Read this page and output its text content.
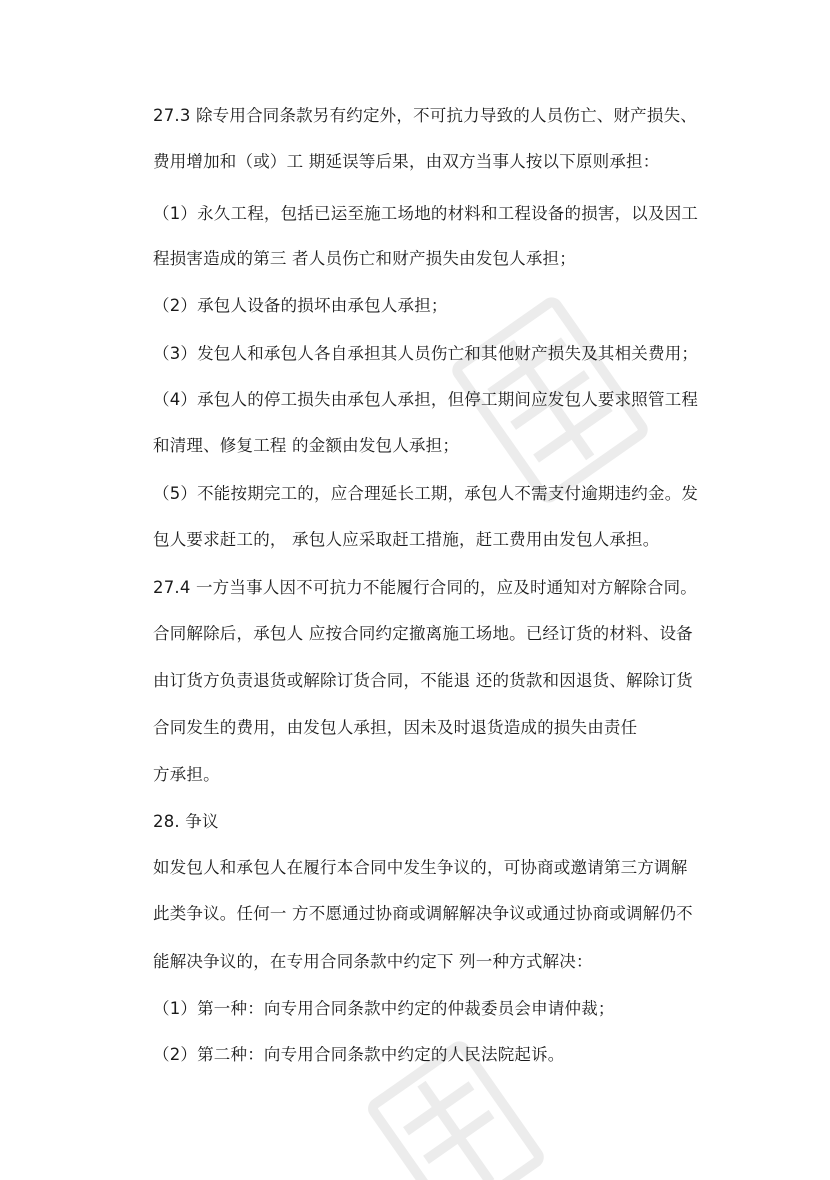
27.3 除专用合同条款另有约定外，不可抗力导致的人员伤亡、财产损失、
费用增加和（或）工 期延误等后果，由双方当事人按以下原则承担：
（1）永久工程，包括已运至施工场地的材料和工程设备的损害，以及因工
程损害造成的第三 者人员伤亡和财产损失由发包人承担；
（2）承包人设备的损坏由承包人承担；
（3）发包人和承包人各自承担其人员伤亡和其他财产损失及其相关费用；
（4）承包人的停工损失由承包人承担，但停工期间应发包人要求照管工程
和清理、修复工程 的金额由发包人承担；
（5）不能按期完工的，应合理延长工期，承包人不需支付逾期违约金。发
包人要求赶工的， 承包人应采取赶工措施，赶工费用由发包人承担。
27.4 一方当事人因不可抗力不能履行合同的，应及时通知对方解除合同。
合同解除后，承包人 应按合同约定撤离施工场地。已经订货的材料、设备
由订货方负责退货或解除订货合同，不能退 还的货款和因退货、解除订货
合同发生的费用，由发包人承担，因未及时退货造成的损失由责任
方承担。
28. 争议
如发包人和承包人在履行本合同中发生争议的，可协商或邀请第三方调解
此类争议。任何一 方不愿通过协商或调解解决争议或通过协商或调解仍不
能解决争议的，在专用合同条款中约定下 列一种方式解决：
（1）第一种：向专用合同条款中约定的仲裁委员会申请仲裁；
（2）第二种：向专用合同条款中约定的人民法院起诉。
